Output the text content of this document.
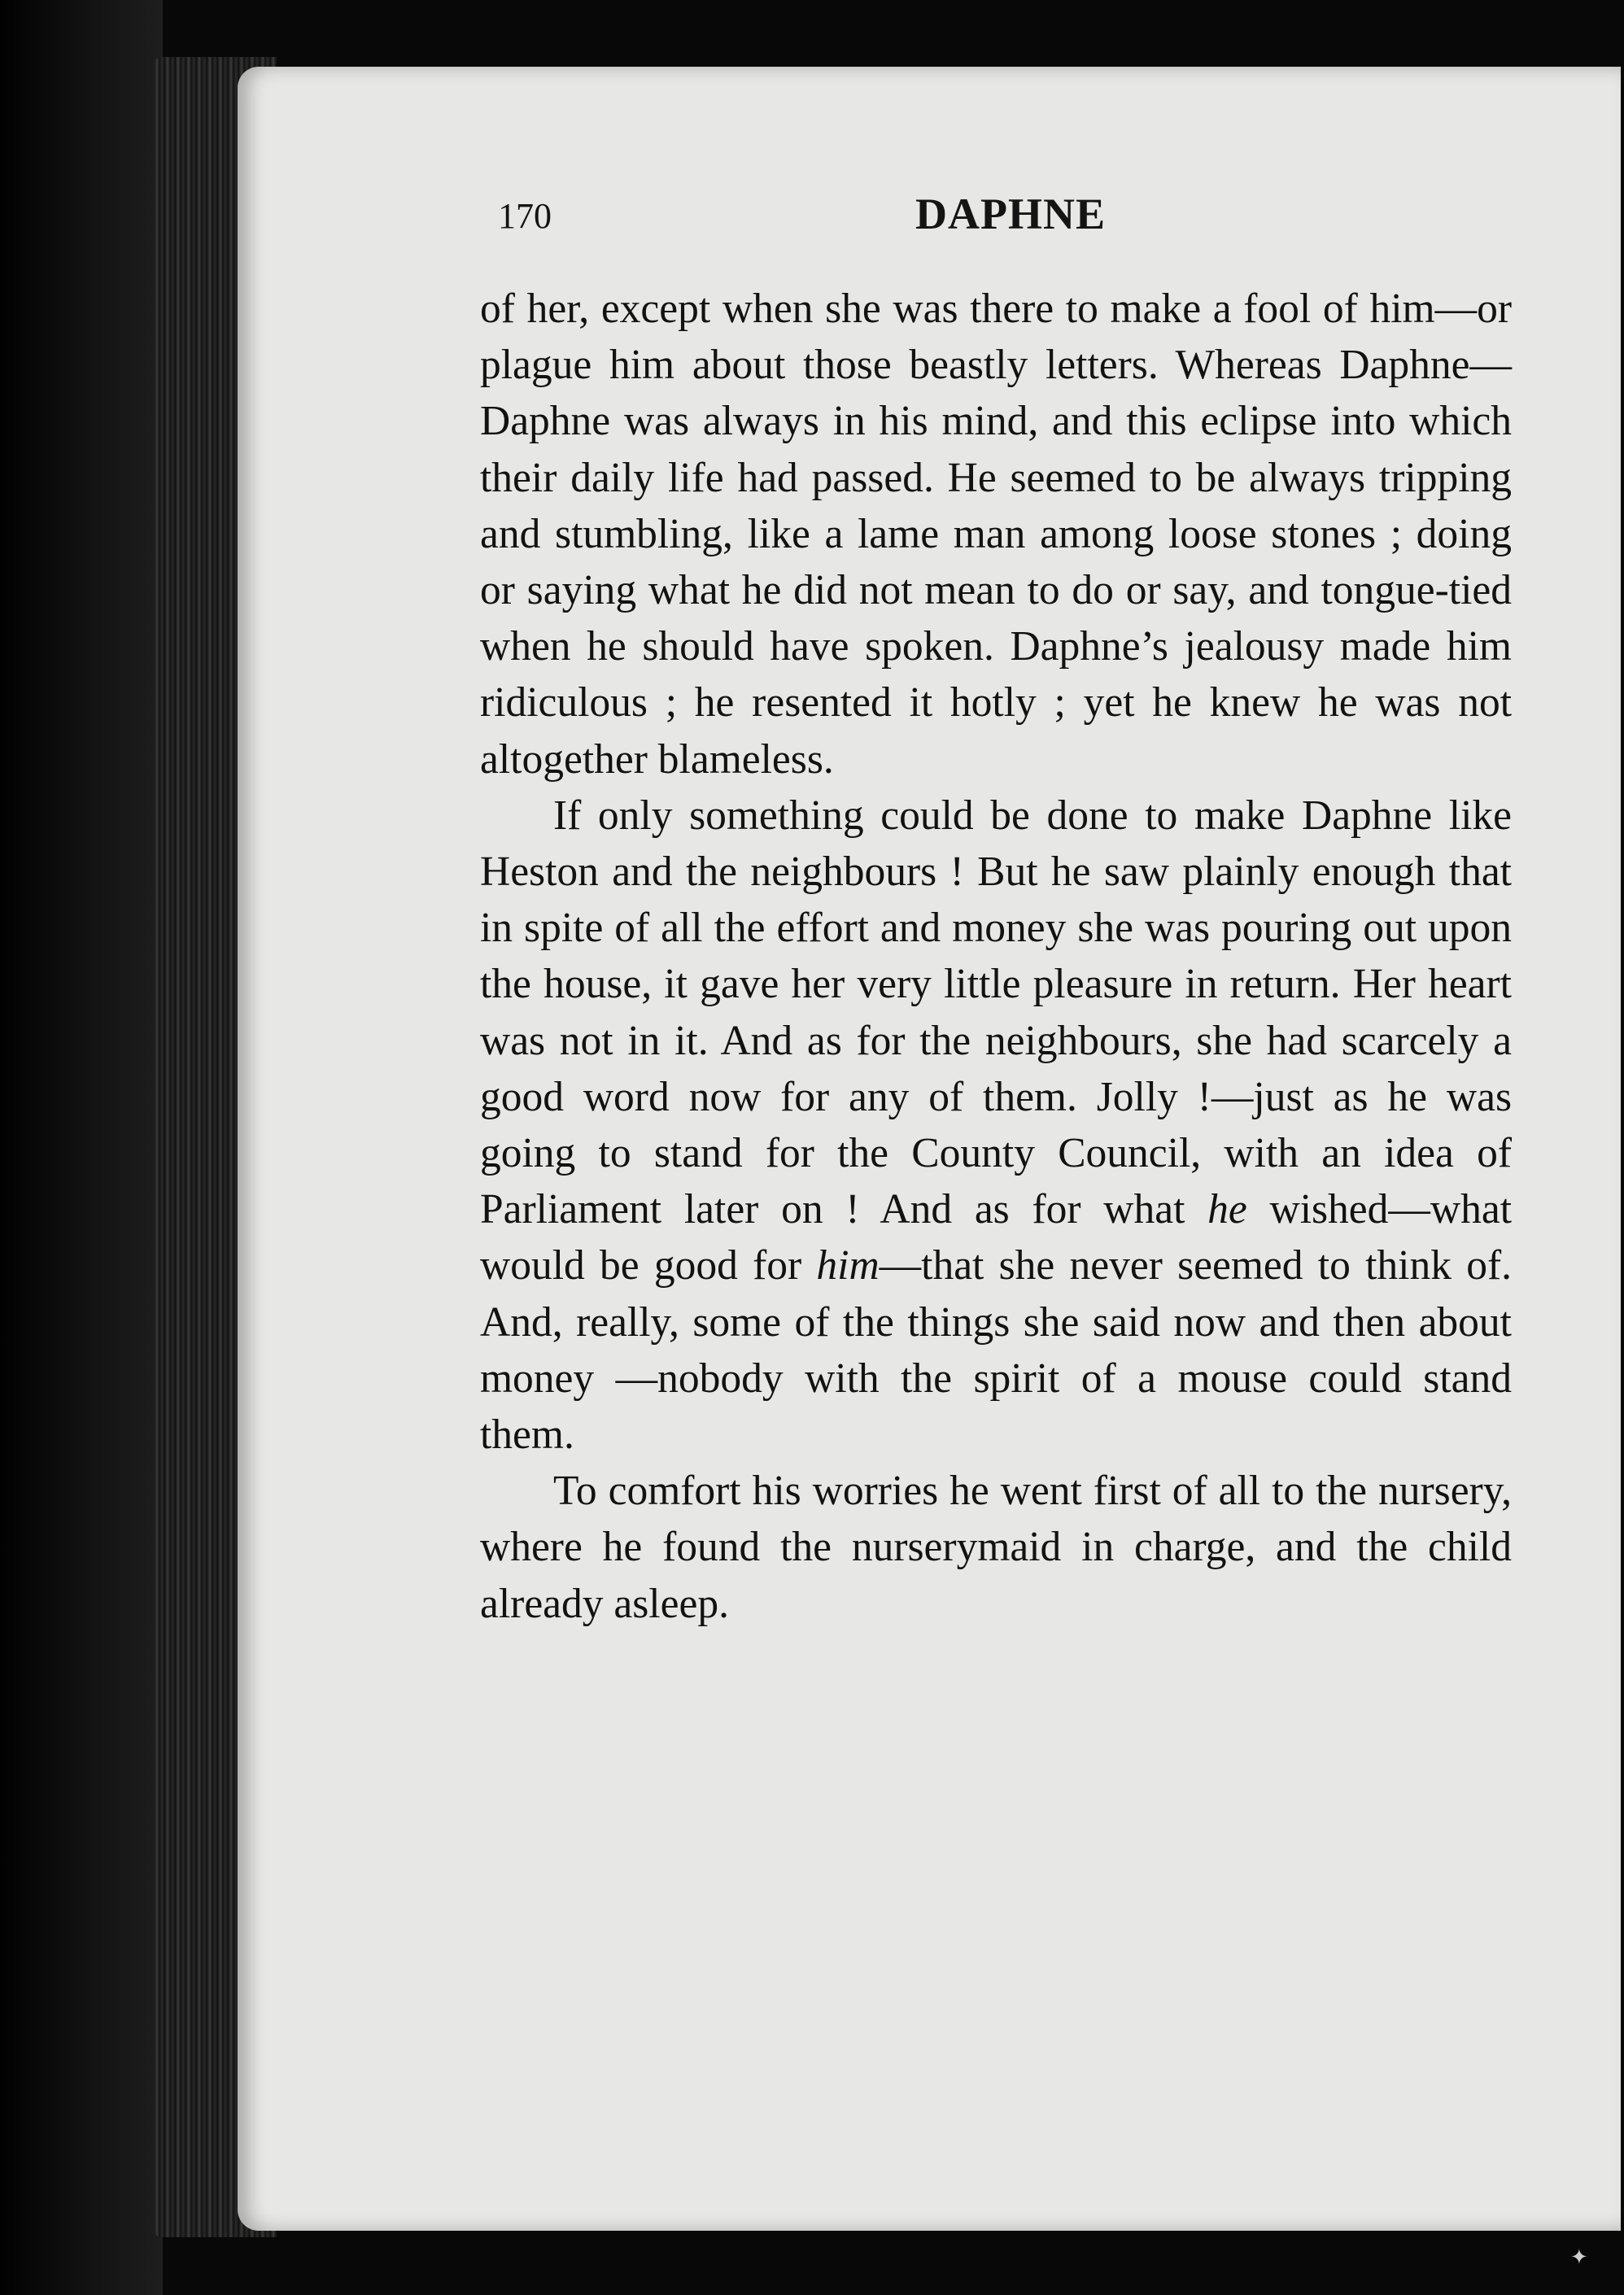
170	DAPHNE

of her, except when she was there to make a fool of him—or plague him about those beastly letters. Whereas Daphne—Daphne was always in his mind, and this eclipse into which their daily life had passed. He seemed to be always tripping and stumbling, like a lame man among loose stones ; doing or saying what he did not mean to do or say, and tongue-tied when he should have spoken. Daphne’s jealousy made him ridiculous ; he resented it hotly ; yet he knew he was not altogether blameless.

If only something could be done to make Daphne like Heston and the neighbours ! But he saw plainly enough that in spite of all the effort and money she was pouring out upon the house, it gave her very little pleasure in return. Her heart was not in it. And as for the neighbours, she had scarcely a good word now for any of them. Jolly !—just as he was going to stand for the County Council, with an idea of Parliament later on ! And as for what he wished—what would be good for him—that she never seemed to think of. And, really, some of the things she said now and then about money —nobody with the spirit of a mouse could stand them.

To comfort his worries he went first of all to the nursery, where he found the nurserymaid in charge, and the child already asleep.

✦
